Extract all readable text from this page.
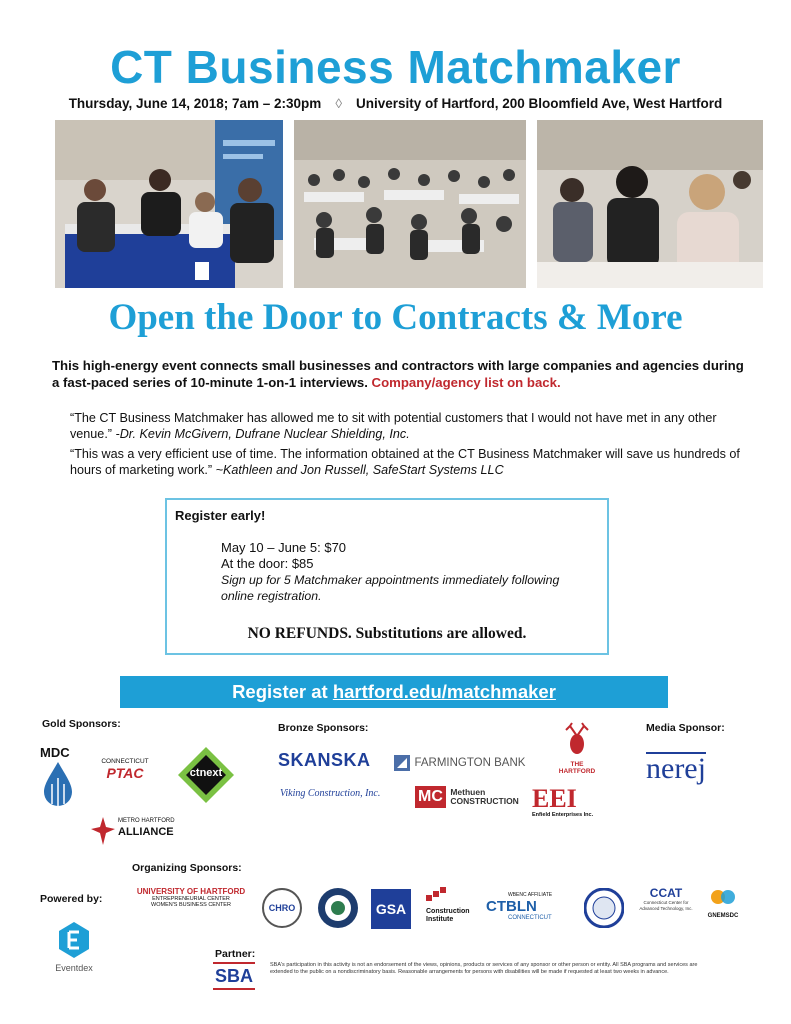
CT Business Matchmaker
Thursday, June 14, 2018; 7am – 2:30pm ◊ University of Hartford, 200 Bloomfield Ave, West Hartford
Open the Door to Contracts & More
This high-energy event connects small businesses and contractors with large companies and agencies during a fast-paced series of 10-minute 1-on-1 interviews. Company/agency list on back.
“The CT Business Matchmaker has allowed me to sit with potential customers that I would not have met in any other venue.” -Dr. Kevin McGivern, Dufrane Nuclear Shielding, Inc.
“This was a very efficient use of time. The information obtained at the CT Business Matchmaker will save us hundreds of hours of marketing work.” ~Kathleen and Jon Russell, SafeStart Systems LLC
Register early!
May 10 – June 5: $70
At the door: $85
Sign up for 5 Matchmaker appointments immediately following online registration.
NO REFUNDS. Substitutions are allowed.
Register at hartford.edu/matchmaker
Gold Sponsors:	Bronze Sponsors:	Media Sponsor:
Organizing Sponsors:
Powered by:
Partner:
MDC
CONNECTICUT
PTAC	ctnext
METRO HARTFORD
ALLIANCE
SKANSKA	FARMINGTON BANK	THE HARTFORD
Viking Construction, Inc. MC Methuen CONSTRUCTION EEI
Enfield Enterprises Inc.
nerej
UNIVERSITY OF HARTFORD
ENTREPRENEURIAL CENTER
WOMEN'S BUSINESS CENTER	CHRO	GSA	Construction Institute
WBENC AFFILIATE
CTBLN
CONNECTICUT
CCAT
Connecticut Center for Advanced Technology, Inc.
GNEMSDC
Eventdex	SBA
SBA's participation in this activity is not an endorsement of the views, opinions, products or services of any sponsor or other person or entity. All SBA programs and services are extended to the public on a nondiscriminatory basis. Reasonable arrangements for persons with disabilities will be made if requested at least two weeks in advance.
